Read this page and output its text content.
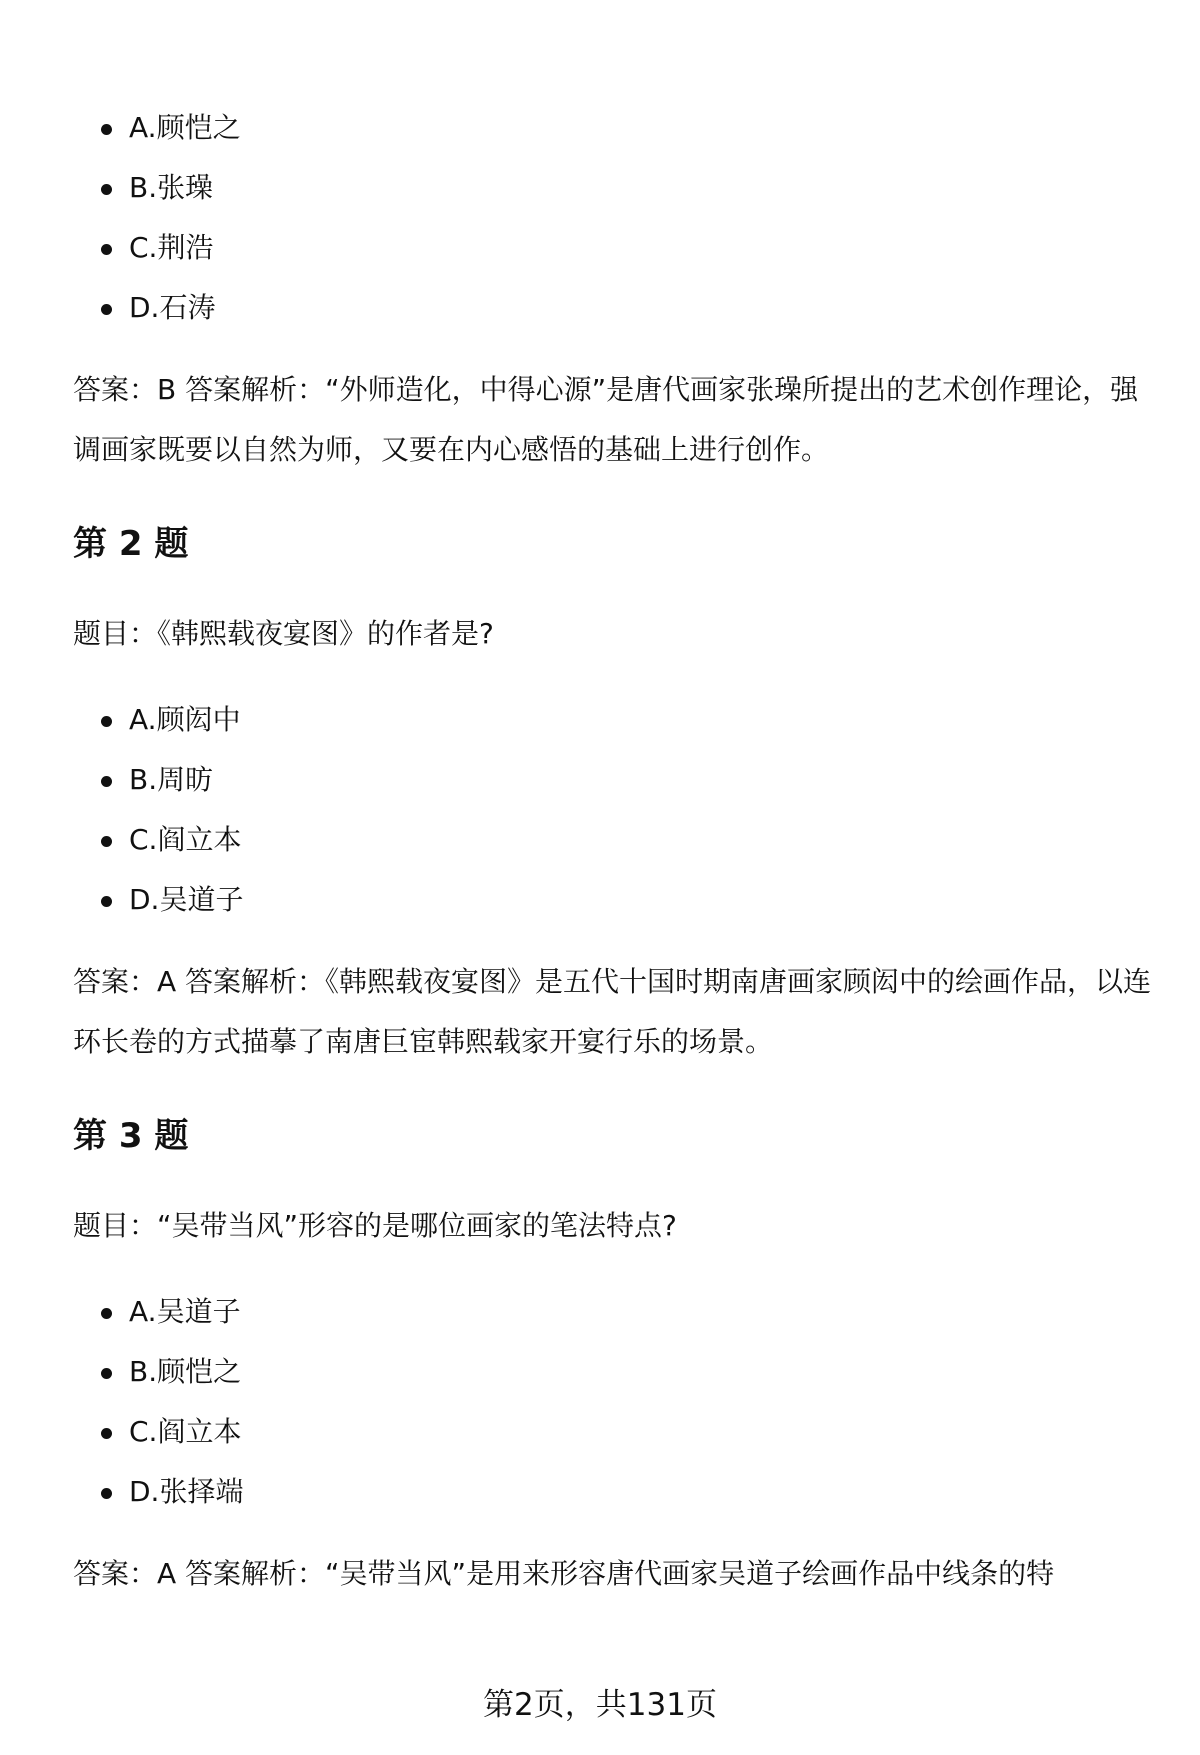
A.顾恺之
B.张璪
C.荆浩
D.石涛

答案：B 答案解析：“外师造化，中得心源”是唐代画家张璪所提出的艺术创作理论，强调画家既要以自然为师，又要在内心感悟的基础上进行创作。

第 2 题

题目：《韩熙载夜宴图》的作者是?

A.顾闳中
B.周昉
C.阎立本
D.吴道子

答案：A 答案解析：《韩熙载夜宴图》是五代十国时期南唐画家顾闳中的绘画作品，以连环长卷的方式描摹了南唐巨宦韩熙载家开宴行乐的场景。

第 3 题

题目：“吴带当风”形容的是哪位画家的笔法特点?

A.吴道子
B.顾恺之
C.阎立本
D.张择端

答案：A 答案解析：“吴带当风”是用来形容唐代画家吴道子绘画作品中线条的特

第2页，共131页
